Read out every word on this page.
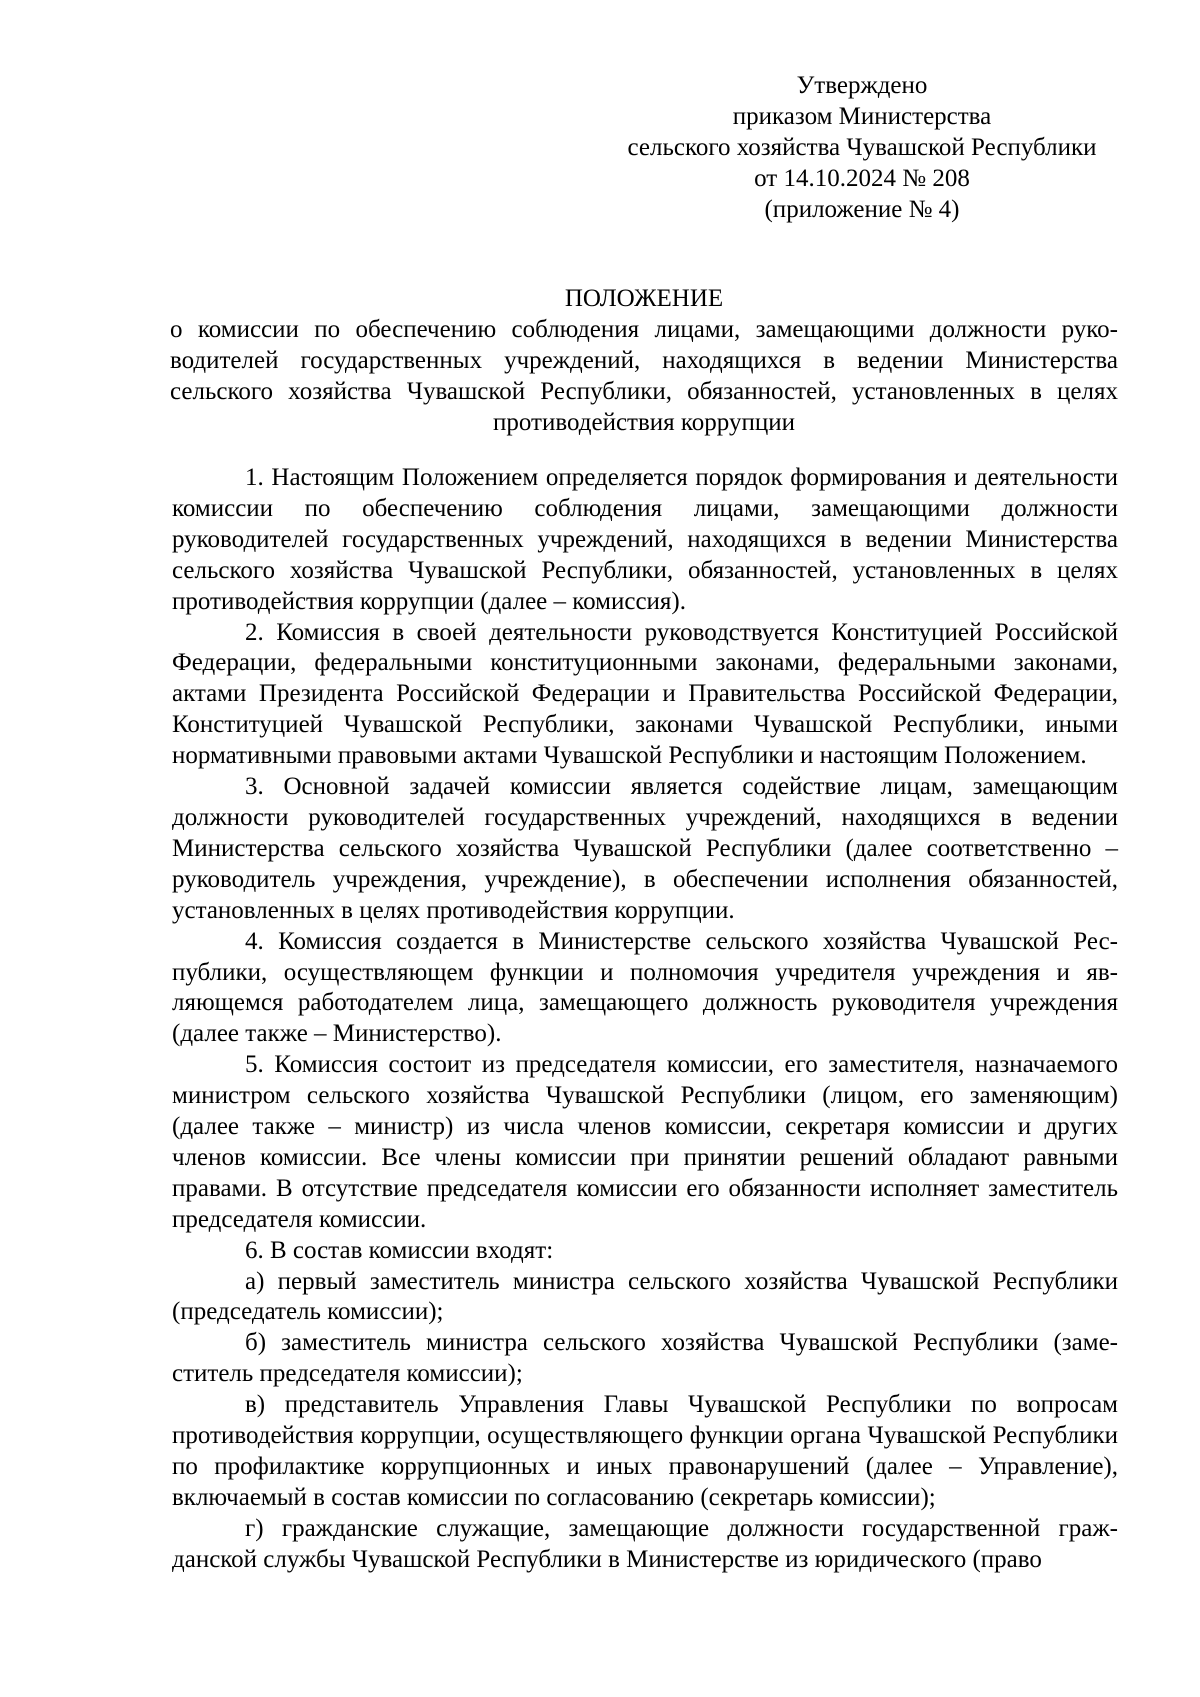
Утверждено
приказом Министерства
сельского хозяйства Чувашской Республики
от 14.10.2024 № 208
(приложение № 4)
ПОЛОЖЕНИЕ
о комиссии по обеспечению соблюдения лицами, замещающими должности руководителей государственных учреждений, находящихся в ведении Министерства сельского хозяйства Чувашской Республики, обязанностей, установленных в целях противодействия коррупции

1. Настоящим Положением определяется порядок формирования и деятельности комиссии по обеспечению соблюдения лицами, замещающими должности руководителей государственных учреждений, находящихся в ведении Министерства сельского хозяйства Чувашской Республики, обязанностей, установленных в целях противодействия коррупции (далее – комиссия).

2. Комиссия в своей деятельности руководствуется Конституцией Российской Федерации, федеральными конституционными законами, федеральными законами, актами Президента Российской Федерации и Правительства Российской Федерации, Конституцией Чувашской Республики, законами Чувашской Республики, иными нормативными правовыми актами Чувашской Республики и настоящим Положением.

3. Основной задачей комиссии является содействие лицам, замещающим должности руководителей государственных учреждений, находящихся в ведении Министерства сельского хозяйства Чувашской Республики (далее соответственно – руководитель учреждения, учреждение), в обеспечении исполнения обязанностей, установленных в целях противодействия коррупции.

4. Комиссия создается в Министерстве сельского хозяйства Чувашской Республики, осуществляющем функции и полномочия учредителя учреждения и являющемся работодателем лица, замещающего должность руководителя учреждения (далее также – Министерство).

5. Комиссия состоит из председателя комиссии, его заместителя, назначаемого министром сельского хозяйства Чувашской Республики (лицом, его заменяющим) (далее также – министр) из числа членов комиссии, секретаря комиссии и других членов комиссии. Все члены комиссии при принятии решений обладают равными правами. В отсутствие председателя комиссии его обязанности исполняет заместитель председателя комиссии.

6. В состав комиссии входят:

а) первый заместитель министра сельского хозяйства Чувашской Республики (председатель комиссии);

б) заместитель министра сельского хозяйства Чувашской Республики (заместитель председателя комиссии);

в) представитель Управления Главы Чувашской Республики по вопросам противодействия коррупции, осуществляющего функции органа Чувашской Республики по профилактике коррупционных и иных правонарушений (далее – Управление), включаемый в состав комиссии по согласованию (секретарь комиссии);

г) гражданские служащие, замещающие должности государственной гражданской службы Чувашской Республики в Министерстве из юридического (право
